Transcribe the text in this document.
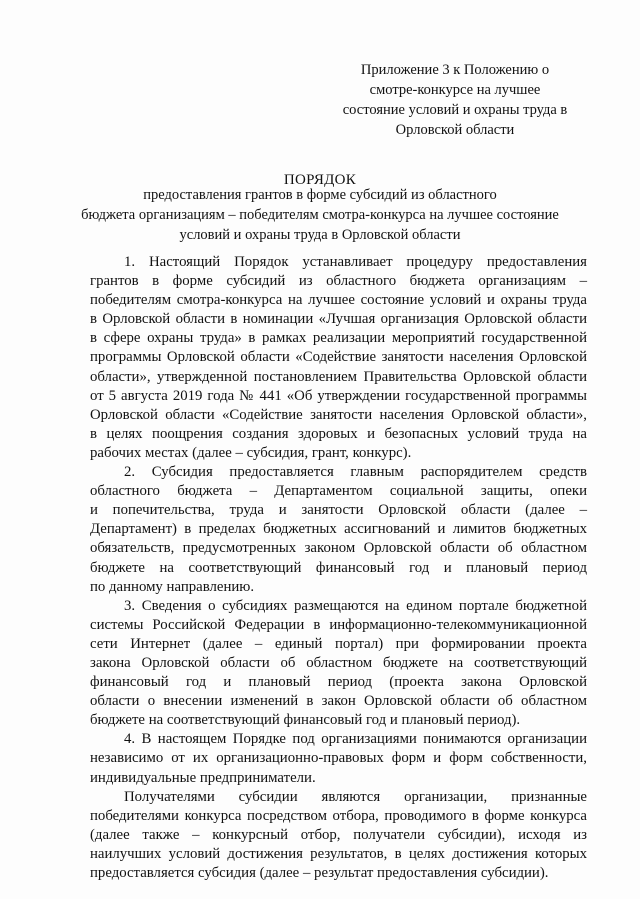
Приложение 3 к Положению о
смотре-конкурсе на лучшее
состояние условий и охраны труда в
Орловской области
ПОРЯДОК
предоставления грантов в форме субсидий из областного
бюджета организациям – победителям смотра-конкурса на лучшее состояние
условий и охраны труда в Орловской области
1. Настоящий Порядок устанавливает процедуру предоставления
грантов в форме субсидий из областного бюджета организациям –
победителям смотра-конкурса на лучшее состояние условий и охраны труда
в Орловской области в номинации «Лучшая организация Орловской области
в сфере охраны труда» в рамках реализации мероприятий государственной
программы Орловской области «Содействие занятости населения Орловской
области», утвержденной постановлением Правительства Орловской области
от 5 августа 2019 года № 441 «Об утверждении государственной программы
Орловской области «Содействие занятости населения Орловской области»,
в целях поощрения создания здоровых и безопасных условий труда на
рабочих местах (далее – субсидия, грант, конкурс).
2. Субсидия предоставляется главным распорядителем средств
областного бюджета – Департаментом социальной защиты, опеки
и попечительства, труда и занятости Орловской области (далее –
Департамент) в пределах бюджетных ассигнований и лимитов бюджетных
обязательств, предусмотренных законом Орловской области об областном
бюджете на соответствующий финансовый год и плановый период
по данному направлению.
3. Сведения о субсидиях размещаются на едином портале бюджетной
системы Российской Федерации в информационно-телекоммуникационной
сети Интернет (далее – единый портал) при формировании проекта
закона Орловской области об областном бюджете на соответствующий
финансовый год и плановый период (проекта закона Орловской
области о внесении изменений в закон Орловской области об областном
бюджете на соответствующий финансовый год и плановый период).
4. В настоящем Порядке под организациями понимаются организации
независимо от их организационно-правовых форм и форм собственности,
индивидуальные предприниматели.
Получателями субсидии являются организации, признанные
победителями конкурса посредством отбора, проводимого в форме конкурса
(далее также – конкурсный отбор, получатели субсидии), исходя из
наилучших условий достижения результатов, в целях достижения которых
предоставляется субсидия (далее – результат предоставления субсидии).
